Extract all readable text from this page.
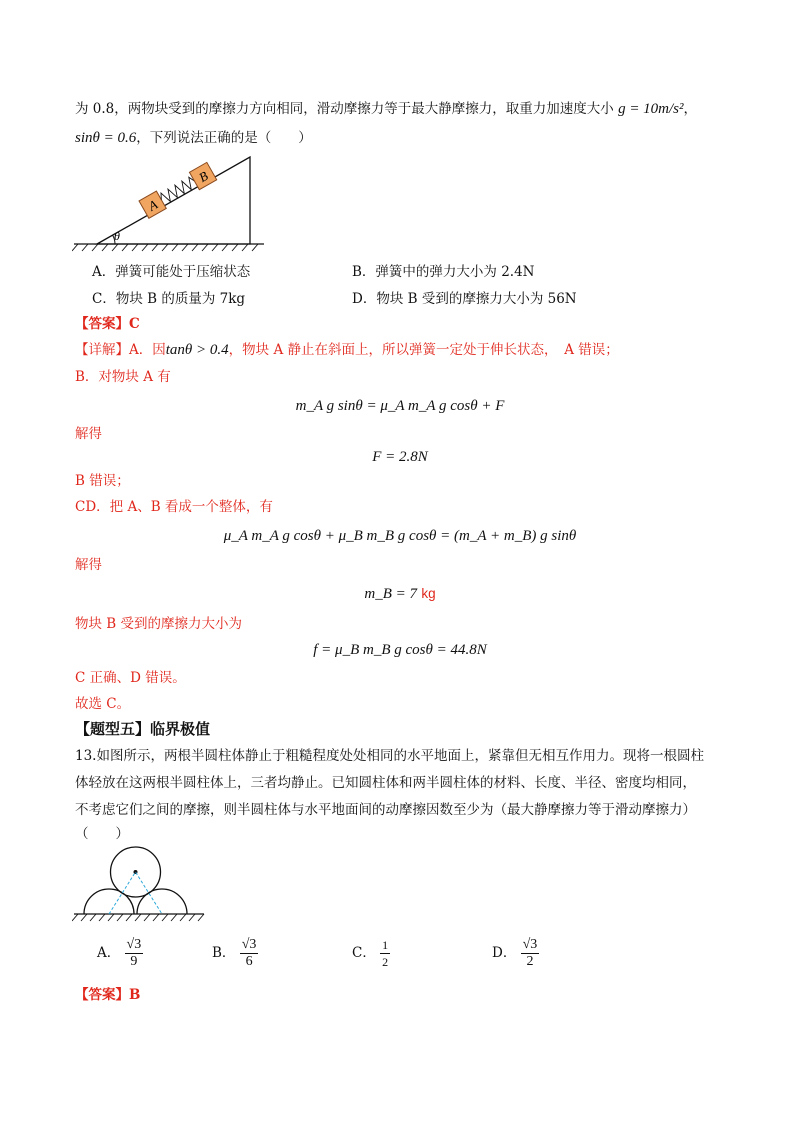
为 0.8，两物块受到的摩擦力方向相同，滑动摩擦力等于最大静摩擦力，取重力加速度大小 g = 10m/s²，
sinθ = 0.6，下列说法正确的是（　　）
θ
A
B
A．弹簧可能处于压缩状态	B．弹簧中的弹力大小为 2.4N
C．物块 B 的质量为 7kg	D．物块 B 受到的摩擦力大小为 56N
【答案】C
【详解】A．因tanθ > 0.4，物块 A 静止在斜面上，所以弹簧一定处于伸长状态，　A 错误；
B．对物块 A 有
m_A g sinθ = μ_A m_A g cosθ + F
解得
F = 2.8N
B 错误；
CD．把 A、B 看成一个整体，有
μ_A m_A g cosθ + μ_B m_B g cosθ = (m_A + m_B) g sinθ
解得
m_B = 7 kg
物块 B 受到的摩擦力大小为
f = μ_B m_B g cosθ = 44.8N
C 正确、D 错误。
故选 C。
【题型五】临界极值
13.如图所示，两根半圆柱体静止于粗糙程度处处相同的水平地面上，紧靠但无相互作用力。现将一根圆柱
体轻放在这两根半圆柱体上，三者均静止。已知圆柱体和两半圆柱体的材料、长度、半径、密度均相同，
不考虑它们之间的摩擦，则半圆柱体与水平地面间的动摩擦因数至少为（最大静摩擦力等于滑动摩擦力）
（　　）
A． $\frac{√3}{9}$	B． $\frac{√3}{6}$	C． $\frac{1}{2}$	D． $\frac{√3}{2}$
【答案】B
